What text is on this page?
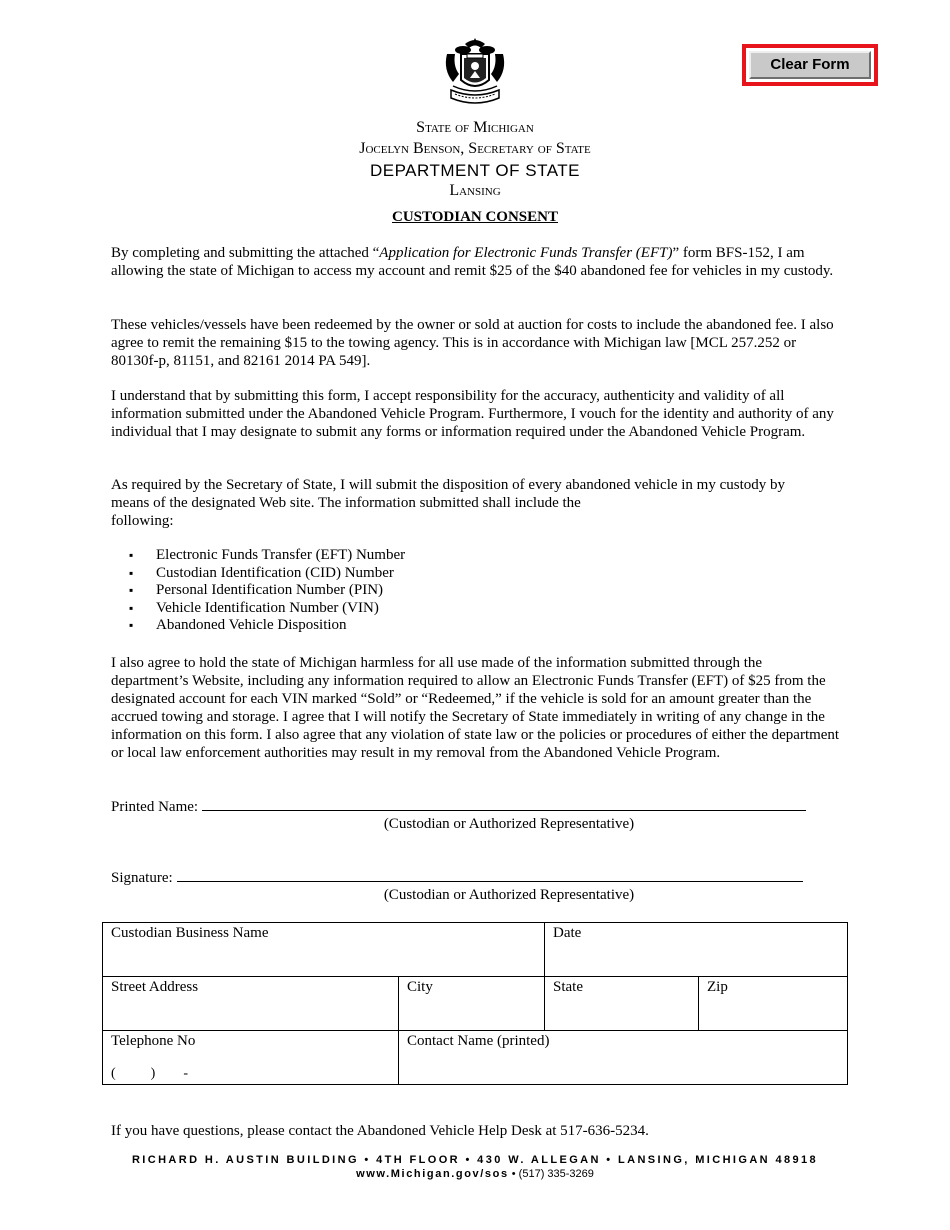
Clear Form
State of Michigan
Jocelyn Benson, Secretary of State
DEPARTMENT OF STATE
Lansing
CUSTODIAN CONSENT

By completing and submitting the attached “Application for Electronic Funds Transfer (EFT)” form BFS-152, I am allowing the state of Michigan to access my account and remit $25 of the $40 abandoned fee for vehicles in my custody.

These vehicles/vessels have been redeemed by the owner or sold at auction for costs to include the abandoned fee. I also agree to remit the remaining $15 to the towing agency. This is in accordance with Michigan law [MCL 257.252 or 80130f-p, 81151, and 82161 2014 PA 549].

I understand that by submitting this form, I accept responsibility for the accuracy, authenticity and validity of all information submitted under the Abandoned Vehicle Program. Furthermore, I vouch for the identity and authority of any individual that I may designate to submit any forms or information required under the Abandoned Vehicle Program.

As required by the Secretary of State, I will submit the disposition of every abandoned vehicle in my custody by
means of the designated Web site. The information submitted shall include the
following:

▪ Electronic Funds Transfer (EFT) Number
▪ Custodian Identification (CID) Number
▪ Personal Identification Number (PIN)
▪ Vehicle Identification Number (VIN)
▪ Abandoned Vehicle Disposition

I also agree to hold the state of Michigan harmless for all use made of the information submitted through the department’s Website, including any information required to allow an Electronic Funds Transfer (EFT) of $25 from the designated account for each VIN marked “Sold” or “Redeemed,” if the vehicle is sold for an amount greater than the accrued towing and storage. I agree that I will notify the Secretary of State immediately in writing of any change in the information on this form. I also agree that any violation of state law or the policies or procedures of either the department or local law enforcement authorities may result in my removal from the Abandoned Vehicle Program.

Printed Name:
(Custodian or Authorized Representative)
Signature:
(Custodian or Authorized Representative)
Custodian Business Name		Date	
Street Address	City	State	Zip

Telephone No
(          )        -	Contact Name (printed)		
If you have questions, please contact the Abandoned Vehicle Help Desk at 517-636-5234.
RICHARD H. AUSTIN BUILDING • 4TH FLOOR • 430 W. ALLEGAN • LANSING, MICHIGAN 48918
www.Michigan.gov/sos • (517) 335-3269
